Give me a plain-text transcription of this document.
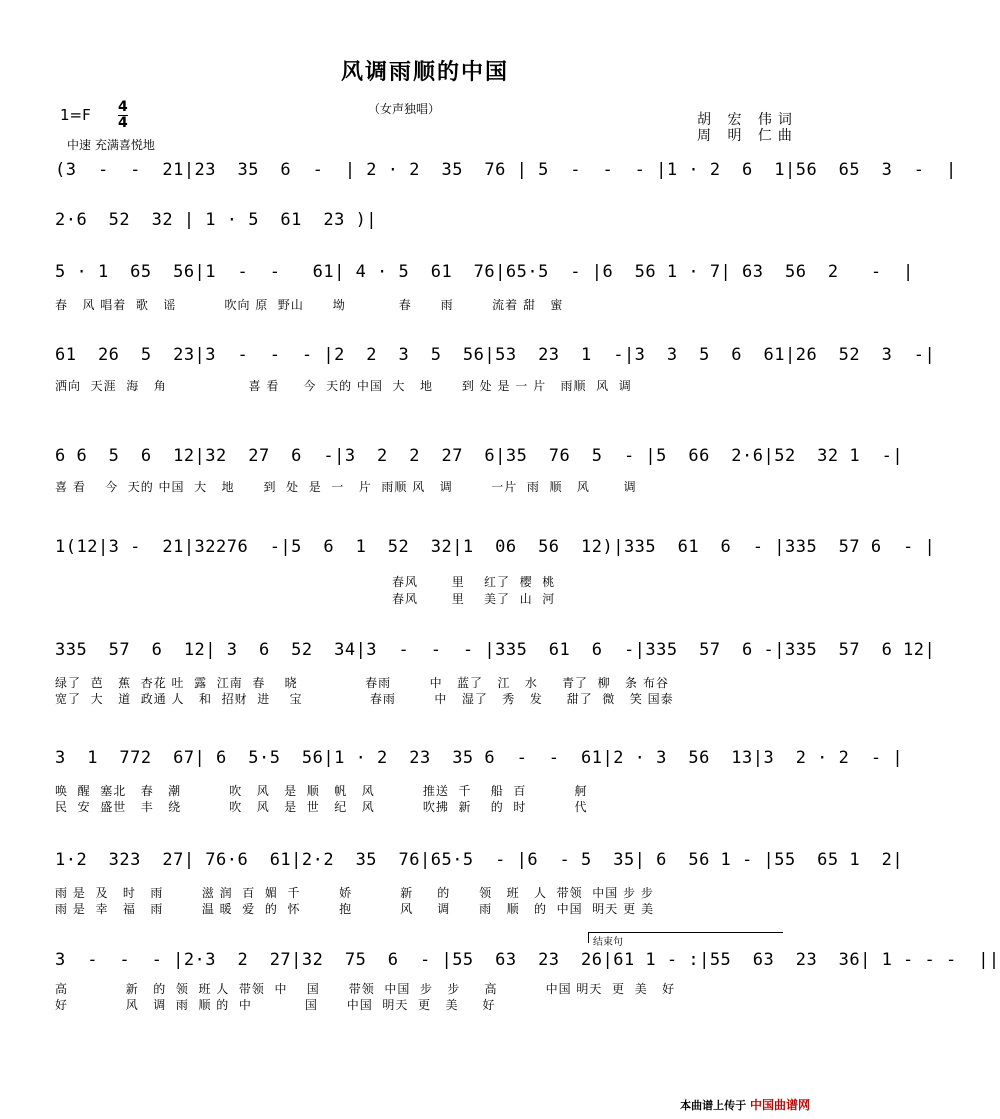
风调雨顺的中国
（女声独唱）
胡 宏 伟词
周 明 仁曲
1=F 4
4
中速 充满喜悦地
(3  -  -  21|23  35  6  -  | 2 · 2  35  76 | 5  -  -  - |1 · 2  6  1|56  65  3  -  |
2·6  52  32 | 1 · 5  61  23 )|
5 · 1  65  56|1  -  -   61| 4 · 5  61  76|65·5  - |6  56 1 · 7| 63  56  2   -  |
春   风 唱着  歌   谣          吹向 原  野山      坳           春      雨        流着 甜   蜜
61  26  5  23|3  -  -  - |2  2  3  5  56|53  23  1  -|3  3  5  6  61|26  52  3  -|
洒向  天涯  海   角                 喜 看     今  天的 中国  大   地      到 处 是 一 片   雨顺  风  调
6 6  5  6  12|32  27  6  -|3  2  2  27  6|35  76  5  - |5  66  2·6|52  32 1  -|
喜 看    今  天的 中国  大   地      到  处  是  一   片  雨顺 风   调        一片  雨  顺   风       调
1(12|3 -  21|32276  -|5  6  1  52  32|1  06  56  12)|335  61  6  - |335  57 6  - |
春风       里    红了  樱  桃
春风       里    美了  山  河
335  57  6  12| 3  6  52  34|3  -  -  - |335  61  6  -|335  57  6 -|335  57  6 12|
绿了  芭   蕉  杏花 吐  露  江南  春    晓              春雨        中   蓝了   江   水     青了  柳   条 布谷
宽了  大   道  政通 人   和  招财  进    宝              春雨        中   湿了   秀   发     甜了  微   笑 国泰
3  1  772  67| 6  5·5  56|1 · 2  23  35 6  -  -  61|2 · 3  56  13|3  2 · 2  - |
唤  醒  塞北   春   潮          吹   风   是  顺   帆   风          推送  千    船  百          舸
民  安  盛世   丰   绕          吹   风   是  世   纪   风          吹拂  新    的  时          代
1·2  323  27| 76·6  61|2·2  35  76|65·5  - |6  - 5  35| 6  56 1 - |55  65 1  2|
雨 是  及   时   雨        滋 润  百  媚  千        娇          新     的      领   班   人  带领  中国 步 步
雨 是  幸   福   雨        温 暖  爱  的  怀        抱          风     调      雨   顺   的  中国  明天 更 美
结束句
3  -  -  - |2·3  2  27|32  75  6  - |55  63  23  26|61 1 - :|55  63  23  36| 1 - - -  ||
高            新   的  领  班 人  带领  中    国      带领  中国  步   步     高          中国 明天  更  美   好
好            风   调  雨  顺 的  中           国      中国  明天  更   美     好
本曲谱上传于 中国曲谱网
